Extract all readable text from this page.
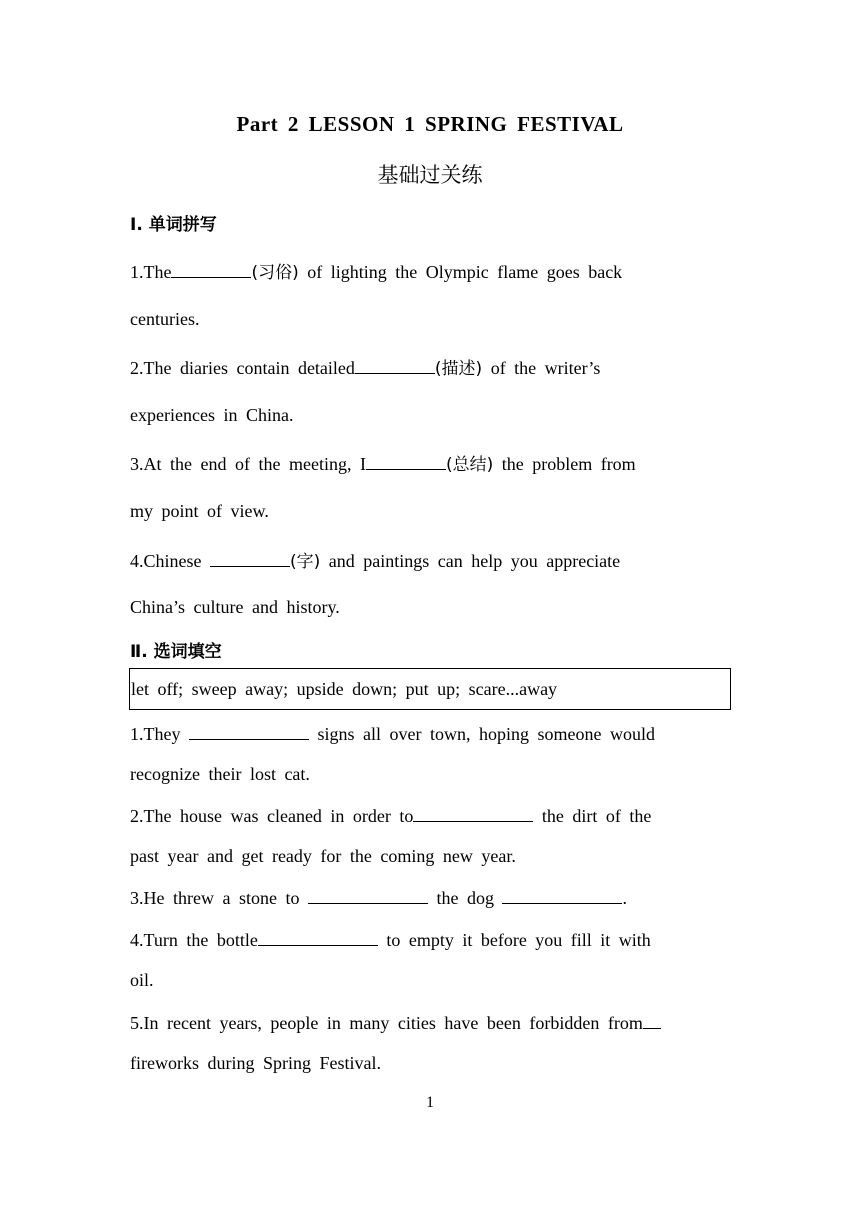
Part 2 LESSON 1 SPRING FESTIVAL
基础过关练
Ⅰ. 单词拼写
1.The	(习俗) of lighting the Olympic flame goes back
centuries.
2.The diaries contain detailed	(描述) of the writer’s
experiences in China.
3.At the end of the meeting, I	(总结) the problem from
my point of view.
4.Chinese	(字) and paintings can help you appreciate
China’s culture and history.
Ⅱ. 选词填空
let off; sweep away; upside down; put up; scare...away
1.They	signs all over town, hoping someone would
recognize their lost cat.
2.The house was cleaned in order to	the dirt of the
past year and get ready for the coming new year.
3.He threw a stone to	the dog	.
4.Turn the bottle	to empty it before you fill it with
oil.
5.In recent years, people in many cities have been forbidden from
fireworks during Spring Festival.
1
